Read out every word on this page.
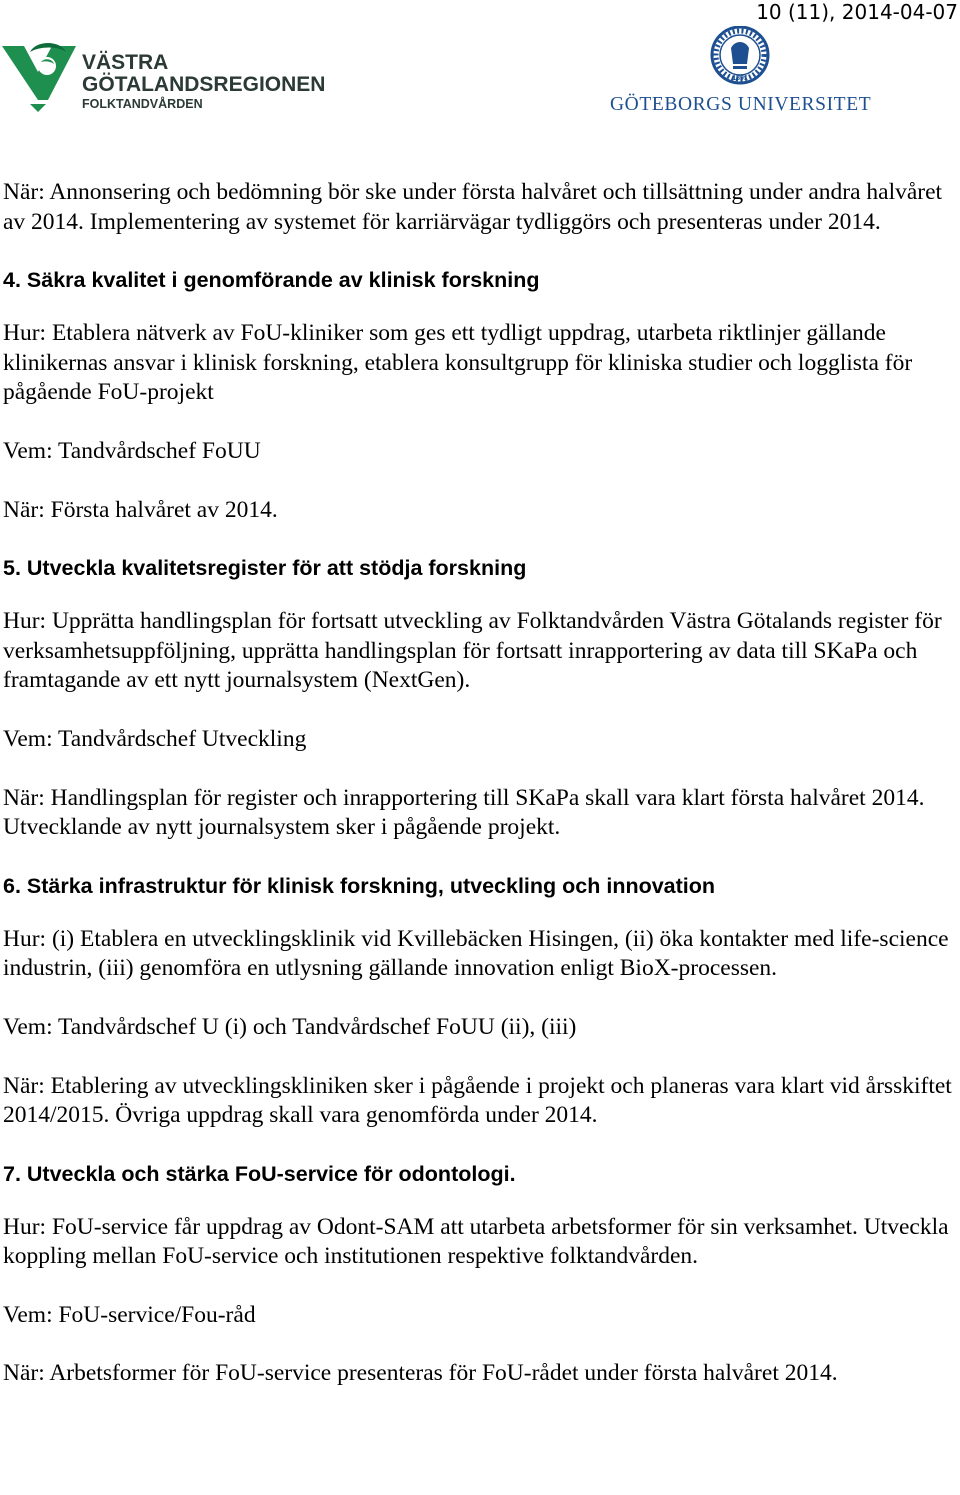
10 (11), 2014-04-07
VÄSTRA
GÖTALANDSREGIONEN
FOLKTANDVÅRDEN
1891
GÖTEBORGS UNIVERSITET

När: Annonsering och bedömning bör ske under första halvåret och tillsättning under andra halvåret av 2014. Implementering av systemet för karriärvägar tydliggörs och presenteras under 2014.

4. Säkra kvalitet i genomförande av klinisk forskning

Hur: Etablera nätverk av FoU-kliniker som ges ett tydligt uppdrag, utarbeta riktlinjer gällande klinikernas ansvar i klinisk forskning, etablera konsultgrupp för kliniska studier och logglista för pågående FoU-projekt

Vem: Tandvårdschef FoUU

När: Första halvåret av 2014.

5. Utveckla kvalitetsregister för att stödja forskning

Hur: Upprätta handlingsplan för fortsatt utveckling av Folktandvården Västra Götalands register för verksamhetsuppföljning, upprätta handlingsplan för fortsatt inrapportering av data till SKaPa och framtagande av ett nytt journalsystem (NextGen).

Vem: Tandvårdschef Utveckling

När: Handlingsplan för register och inrapportering till SKaPa skall vara klart första halvåret 2014. Utvecklande av nytt journalsystem sker i pågående projekt.

6. Stärka infrastruktur för klinisk forskning, utveckling och innovation

Hur: (i) Etablera en utvecklingsklinik vid Kvillebäcken Hisingen, (ii) öka kontakter med life-science industrin, (iii) genomföra en utlysning gällande innovation enligt BioX-processen.

Vem: Tandvårdschef U (i) och Tandvårdschef FoUU (ii), (iii)

När: Etablering av utvecklingskliniken sker i pågående i projekt och planeras vara klart vid årsskiftet 2014/2015. Övriga uppdrag skall vara genomförda under 2014.

7. Utveckla och stärka FoU-service för odontologi.

Hur: FoU-service får uppdrag av Odont-SAM att utarbeta arbetsformer för sin verksamhet. Utveckla koppling mellan FoU-service och institutionen respektive folktandvården.

Vem: FoU-service/Fou-råd

När: Arbetsformer för FoU-service presenteras för FoU-rådet under första halvåret 2014.
